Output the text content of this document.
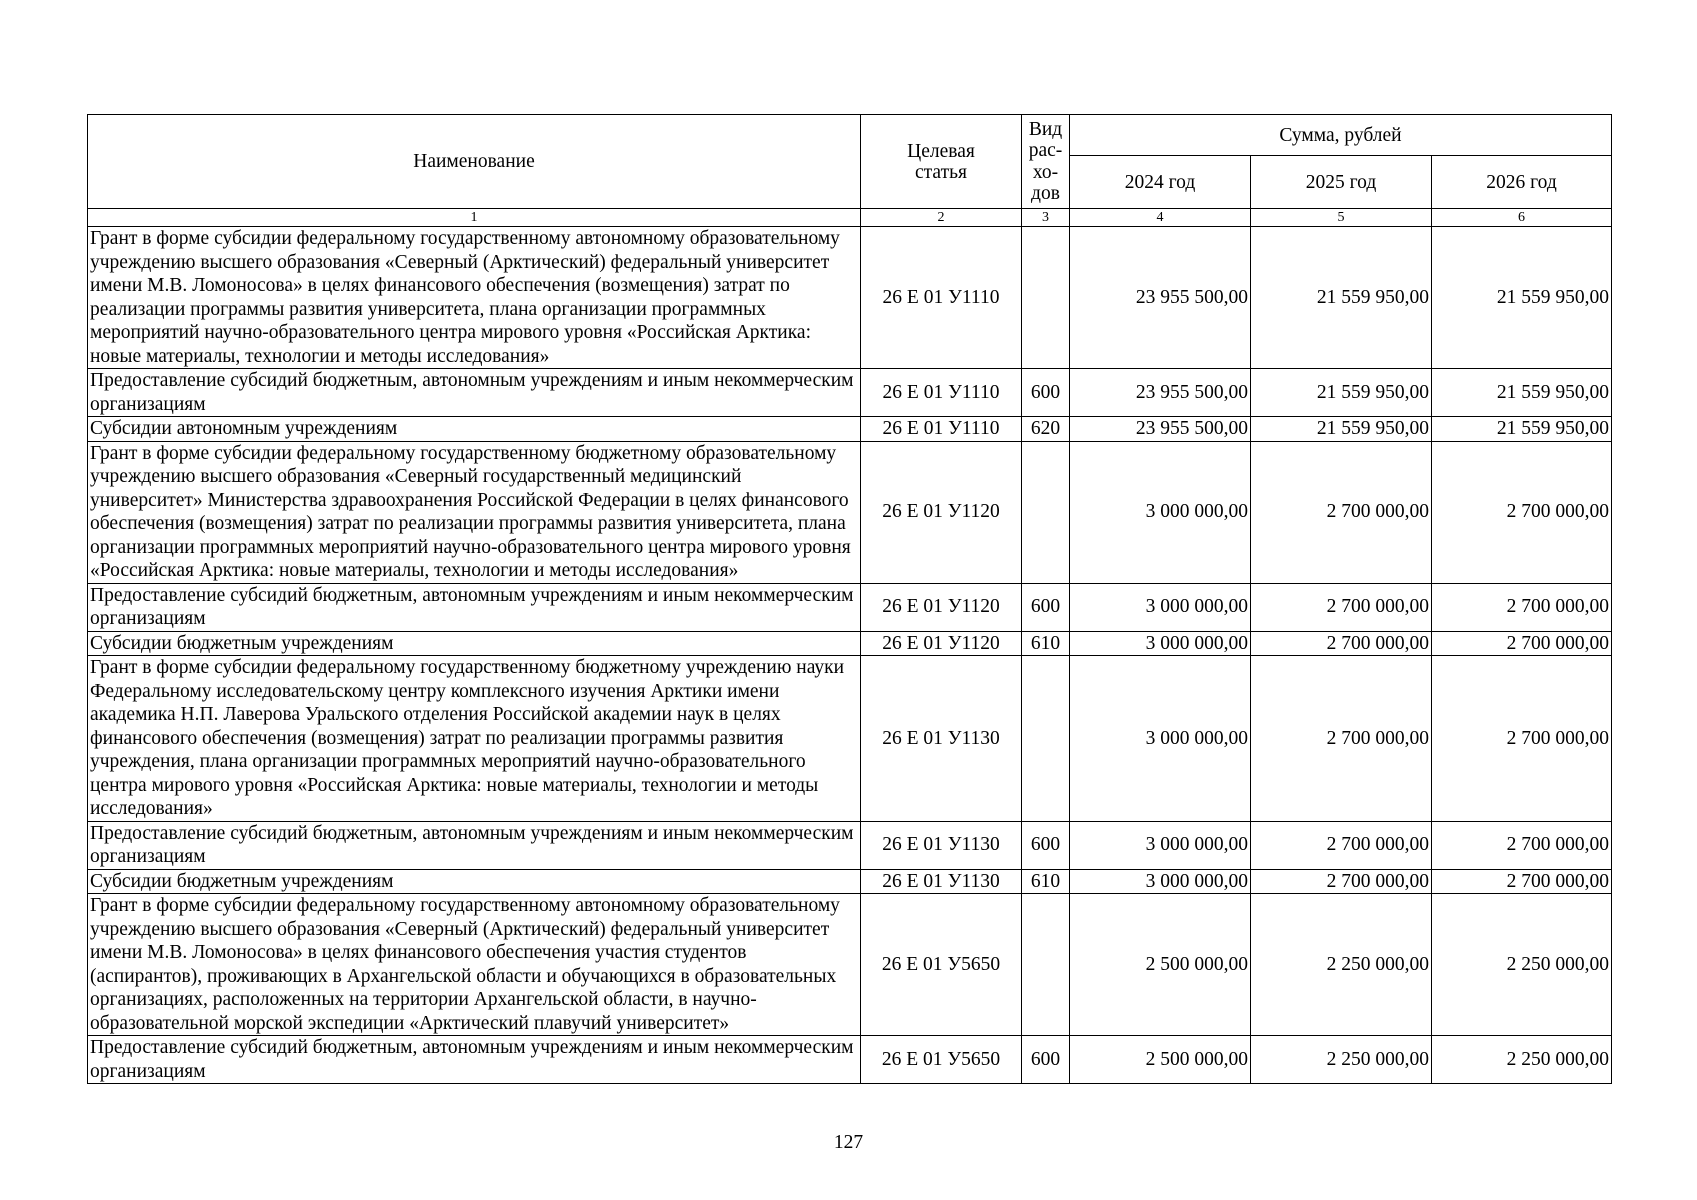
Наименование	Целевая статья	Вид рас-хо-дов	Сумма, рублей		
			2024 год	2025 год	2026 год
1	2	3	4	5	6
Грант в форме субсидии федеральному государственному автономному образовательному учреждению высшего образования «Северный (Арктический) федеральный университет имени М.В. Ломоносова» в целях финансового обеспечения (возмещения) затрат по реализации программы развития университета, плана организации программных мероприятий научно-образовательного центра мирового уровня «Российская Арктика: новые материалы, технологии и методы исследования»	26 Е 01 У1110		23 955 500,00	21 559 950,00	21 559 950,00
Предоставление субсидий бюджетным, автономным учреждениям и иным некоммерческим организациям	26 Е 01 У1110	600	23 955 500,00	21 559 950,00	21 559 950,00
Субсидии автономным учреждениям	26 Е 01 У1110	620	23 955 500,00	21 559 950,00	21 559 950,00
Грант в форме субсидии федеральному государственному бюджетному образовательному учреждению высшего образования «Северный государственный медицинский университет» Министерства здравоохранения Российской Федерации в целях финансового обеспечения (возмещения) затрат по реализации программы развития университета, плана организации программных мероприятий научно-образовательного центра мирового уровня «Российская Арктика: новые материалы, технологии и методы исследования»	26 Е 01 У1120		3 000 000,00	2 700 000,00	2 700 000,00
Предоставление субсидий бюджетным, автономным учреждениям и иным некоммерческим организациям	26 Е 01 У1120	600	3 000 000,00	2 700 000,00	2 700 000,00
Субсидии бюджетным учреждениям	26 Е 01 У1120	610	3 000 000,00	2 700 000,00	2 700 000,00
Грант в форме субсидии федеральному государственному бюджетному учреждению науки Федеральному исследовательскому центру комплексного изучения Арктики имени академика Н.П. Лаверова Уральского отделения Российской академии наук в целях финансового обеспечения (возмещения) затрат по реализации программы развития учреждения, плана организации программных мероприятий научно-образовательного центра мирового уровня «Российская Арктика: новые материалы, технологии и методы исследования»	26 Е 01 У1130		3 000 000,00	2 700 000,00	2 700 000,00
Предоставление субсидий бюджетным, автономным учреждениям и иным некоммерческим организациям	26 Е 01 У1130	600	3 000 000,00	2 700 000,00	2 700 000,00
Субсидии бюджетным учреждениям	26 Е 01 У1130	610	3 000 000,00	2 700 000,00	2 700 000,00
Грант в форме субсидии федеральному государственному автономному образовательному учреждению высшего образования «Северный (Арктический) федеральный университет имени М.В. Ломоносова» в целях финансового обеспечения участия студентов (аспирантов), проживающих в Архангельской области и обучающихся в образовательных организациях, расположенных на территории Архангельской области, в научно-образовательной морской экспедиции «Арктический плавучий университет»	26 Е 01 У5650		2 500 000,00	2 250 000,00	2 250 000,00
Предоставление субсидий бюджетным, автономным учреждениям и иным некоммерческим организациям	26 Е 01 У5650	600	2 500 000,00	2 250 000,00	2 250 000,00
127
